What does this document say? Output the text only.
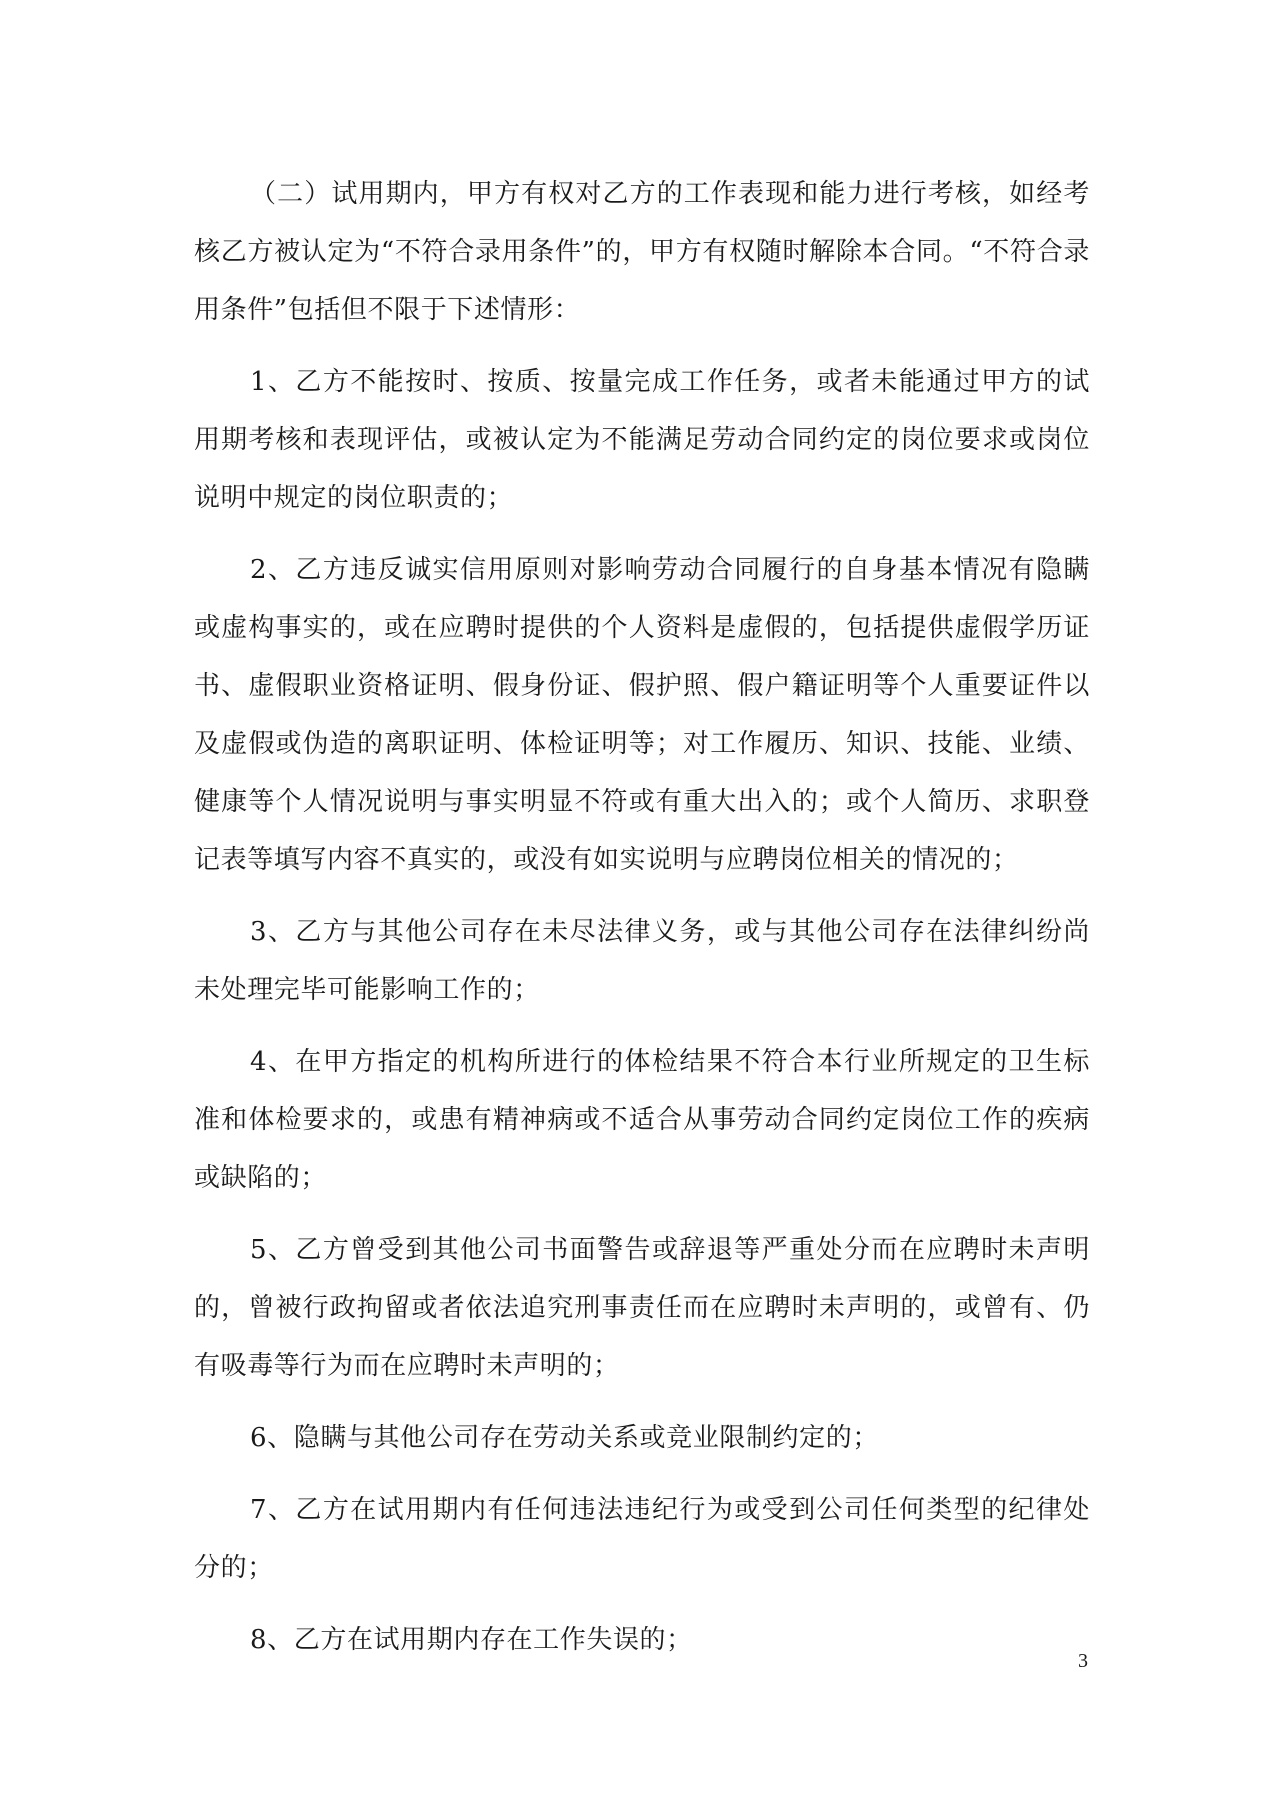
（二）试用期内，甲方有权对乙方的工作表现和能力进行考核，如经考核乙方被认定为“不符合录用条件”的，甲方有权随时解除本合同。“不符合录用条件”包括但不限于下述情形：

1、乙方不能按时、按质、按量完成工作任务，或者未能通过甲方的试用期考核和表现评估，或被认定为不能满足劳动合同约定的岗位要求或岗位说明中规定的岗位职责的；

2、乙方违反诚实信用原则对影响劳动合同履行的自身基本情况有隐瞒或虚构事实的，或在应聘时提供的个人资料是虚假的，包括提供虚假学历证书、虚假职业资格证明、假身份证、假护照、假户籍证明等个人重要证件以及虚假或伪造的离职证明、体检证明等；对工作履历、知识、技能、业绩、健康等个人情况说明与事实明显不符或有重大出入的；或个人简历、求职登记表等填写内容不真实的，或没有如实说明与应聘岗位相关的情况的；

3、乙方与其他公司存在未尽法律义务，或与其他公司存在法律纠纷尚未处理完毕可能影响工作的；

4、在甲方指定的机构所进行的体检结果不符合本行业所规定的卫生标准和体检要求的，或患有精神病或不适合从事劳动合同约定岗位工作的疾病或缺陷的；

5、乙方曾受到其他公司书面警告或辞退等严重处分而在应聘时未声明的，曾被行政拘留或者依法追究刑事责任而在应聘时未声明的，或曾有、仍有吸毒等行为而在应聘时未声明的；

6、隐瞒与其他公司存在劳动关系或竞业限制约定的；

7、乙方在试用期内有任何违法违纪行为或受到公司任何类型的纪律处分的；

8、乙方在试用期内存在工作失误的；

3
